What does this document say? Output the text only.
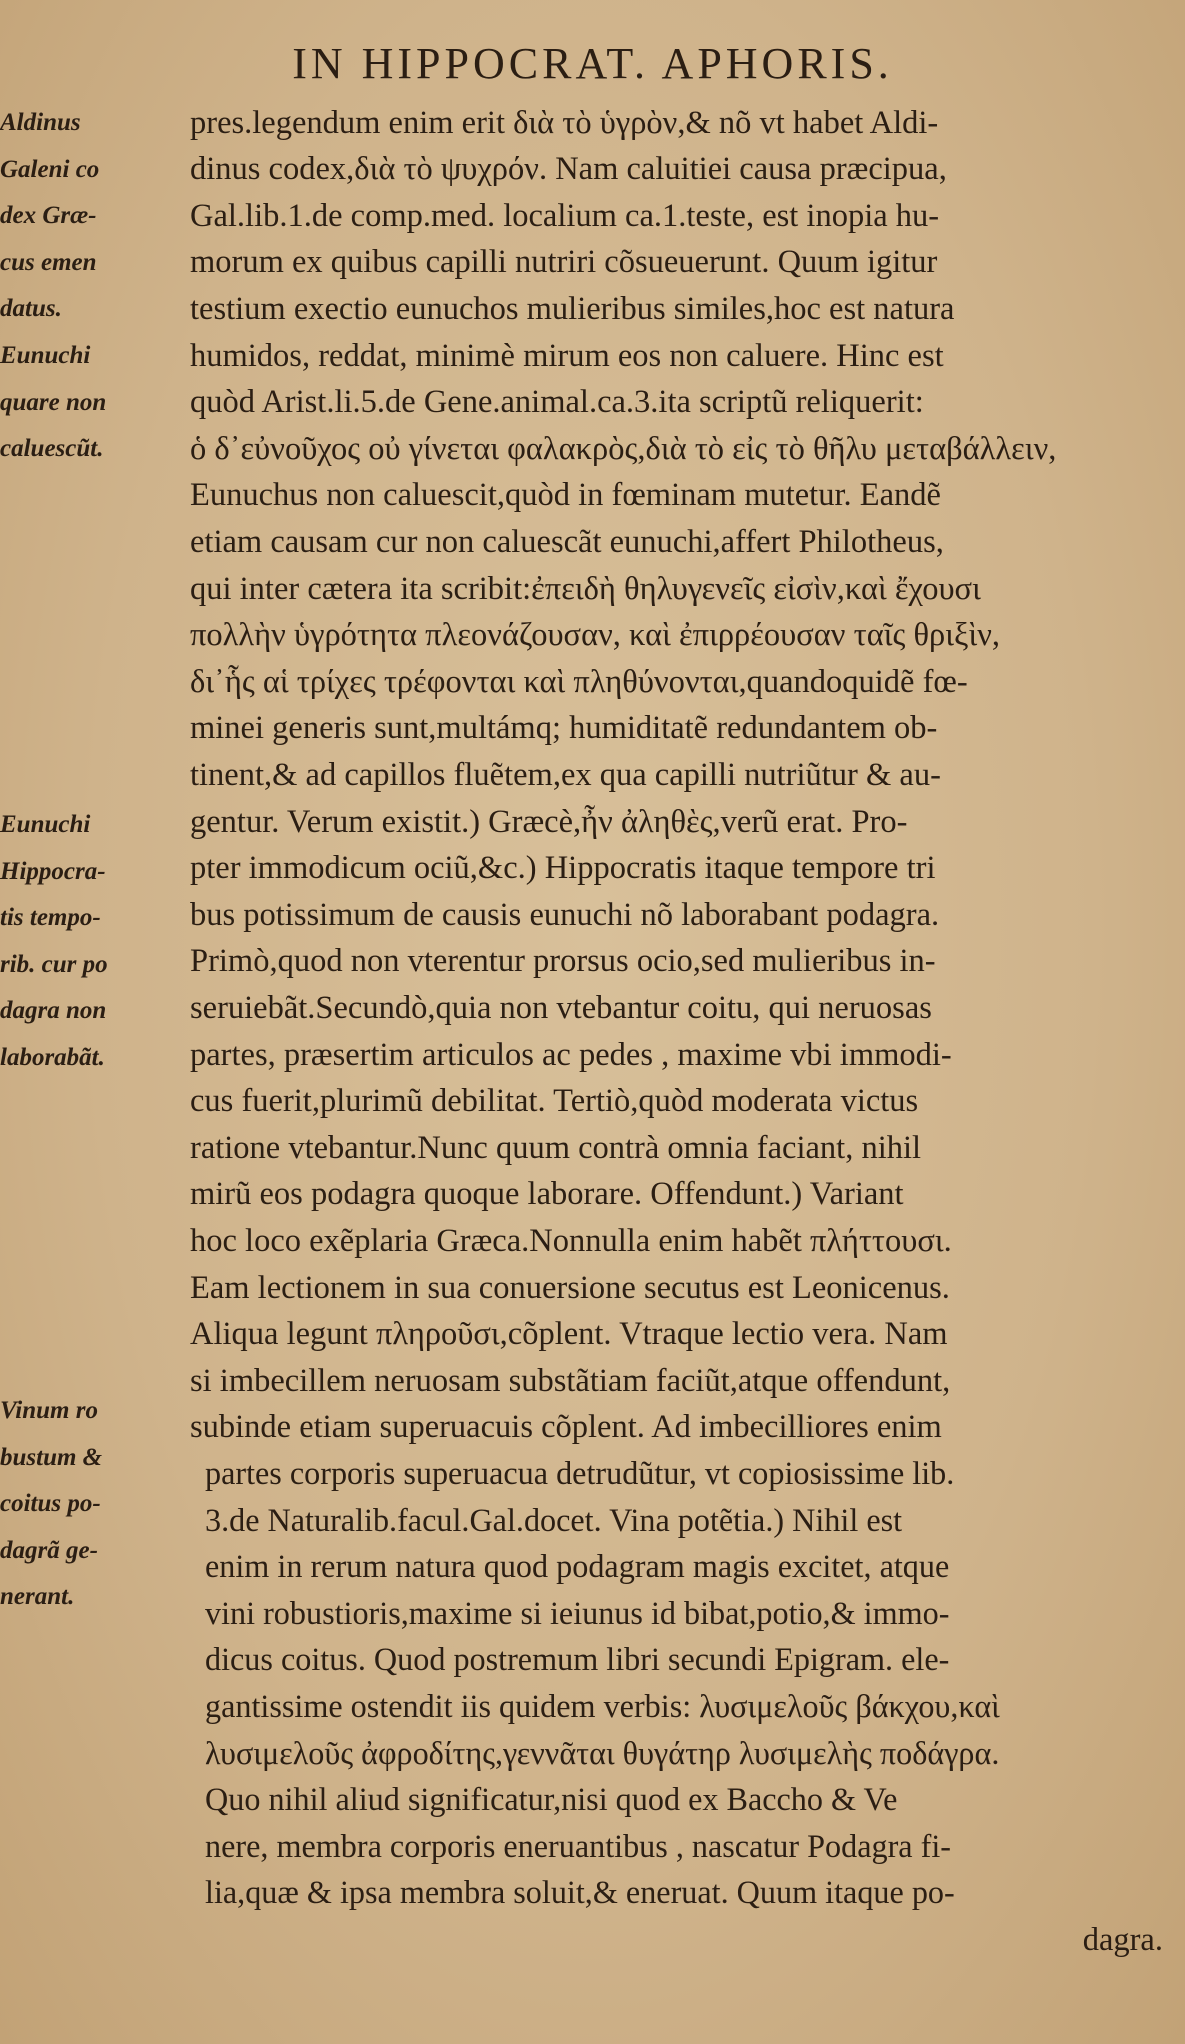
IN HIPPOCRAT. APHORIS.
Aldinus
Galeni co
dex Græ-
cus emen
datus.
Eunuchi
quare non
caluescũt.
Eunuchi
Hippocra-
tis tempo-
rib. cur po
dagra non
laborabãt.
Vinum ro
bustum &
coitus po-
dagrã ge-
nerant.
pres.legendum enim erit διὰ τὸ ὑγρὸν,& nõ vt habet Aldi-
dinus codex,διὰ τὸ ψυχρόν. Nam caluitiei causa præcipua,
Gal.lib.1.de comp.med. localium ca.1.teste, est inopia hu-
morum ex quibus capilli nutriri cõsueuerunt. Quum igitur
testium exectio eunuchos mulieribus similes,hoc est natura
humidos, reddat, minimè mirum eos non caluere. Hinc est
quòd Arist.li.5.de Gene.animal.ca.3.ita scriptũ reliquerit:
ὁ δ᾽εὐνοῦχος οὐ γίνεται φαλακρὸς,διὰ τὸ εἰς τὸ θῆλυ μεταβάλλειν,
Eunuchus non caluescit,quòd in fœminam mutetur. Eandẽ
etiam causam cur non caluescãt eunuchi,affert Philotheus,
qui inter cætera ita scribit:ἐπειδὴ θηλυγενεῖς εἰσὶν,καὶ ἔχουσι
πολλὴν ὑγρότητα πλεονάζουσαν, καὶ ἐπιρρέουσαν ταῖς θριξὶν,
δι᾽ἧς αἱ τρίχες τρέφονται καὶ πληθύνονται,quandoquidẽ fœ-
minei generis sunt,multámq; humiditatẽ redundantem ob-
tinent,& ad capillos fluẽtem,ex qua capilli nutriũtur & au-
gentur. Verum existit.) Græcè,ἦν ἀληθὲς,verũ erat. Pro-
pter immodicum ociũ,&c.) Hippocratis itaque tempore tri
bus potissimum de causis eunuchi nõ laborabant podagra.
Primò,quod non vterentur prorsus ocio,sed mulieribus in-
seruiebãt.Secundò,quia non vtebantur coitu, qui neruosas
partes, præsertim articulos ac pedes , maxime vbi immodi-
cus fuerit,plurimũ debilitat. Tertiò,quòd moderata victus
ratione vtebantur.Nunc quum contrà omnia faciant, nihil
mirũ eos podagra quoque laborare. Offendunt.) Variant
hoc loco exẽplaria Græca.Nonnulla enim habẽt πλήττουσι.
Eam lectionem in sua conuersione secutus est Leonicenus.
Aliqua legunt πληροῦσι,cõplent. Vtraque lectio vera. Nam
si imbecillem neruosam substãtiam faciũt,atque offendunt,
subinde etiam superuacuis cõplent. Ad imbecilliores enim
partes corporis superuacua detrudũtur, vt copiosissime lib.
3.de Naturalib.facul.Gal.docet. Vina potẽtia.) Nihil est
enim in rerum natura quod podagram magis excitet, atque
vini robustioris,maxime si ieiunus id bibat,potio,& immo-
dicus coitus. Quod postremum libri secundi Epigram. ele-
gantissime ostendit iis quidem verbis: λυσιμελοῦς βάκχου,καὶ
λυσιμελοῦς ἀφροδίτης,γεννᾶται θυγάτηρ λυσιμελὴς ποδάγρα.
Quo nihil aliud significatur,nisi quod ex Baccho & Ve
nere, membra corporis eneruantibus , nascatur Podagra fi-
lia,quæ & ipsa membra soluit,& eneruat. Quum itaque po-
dagra.
